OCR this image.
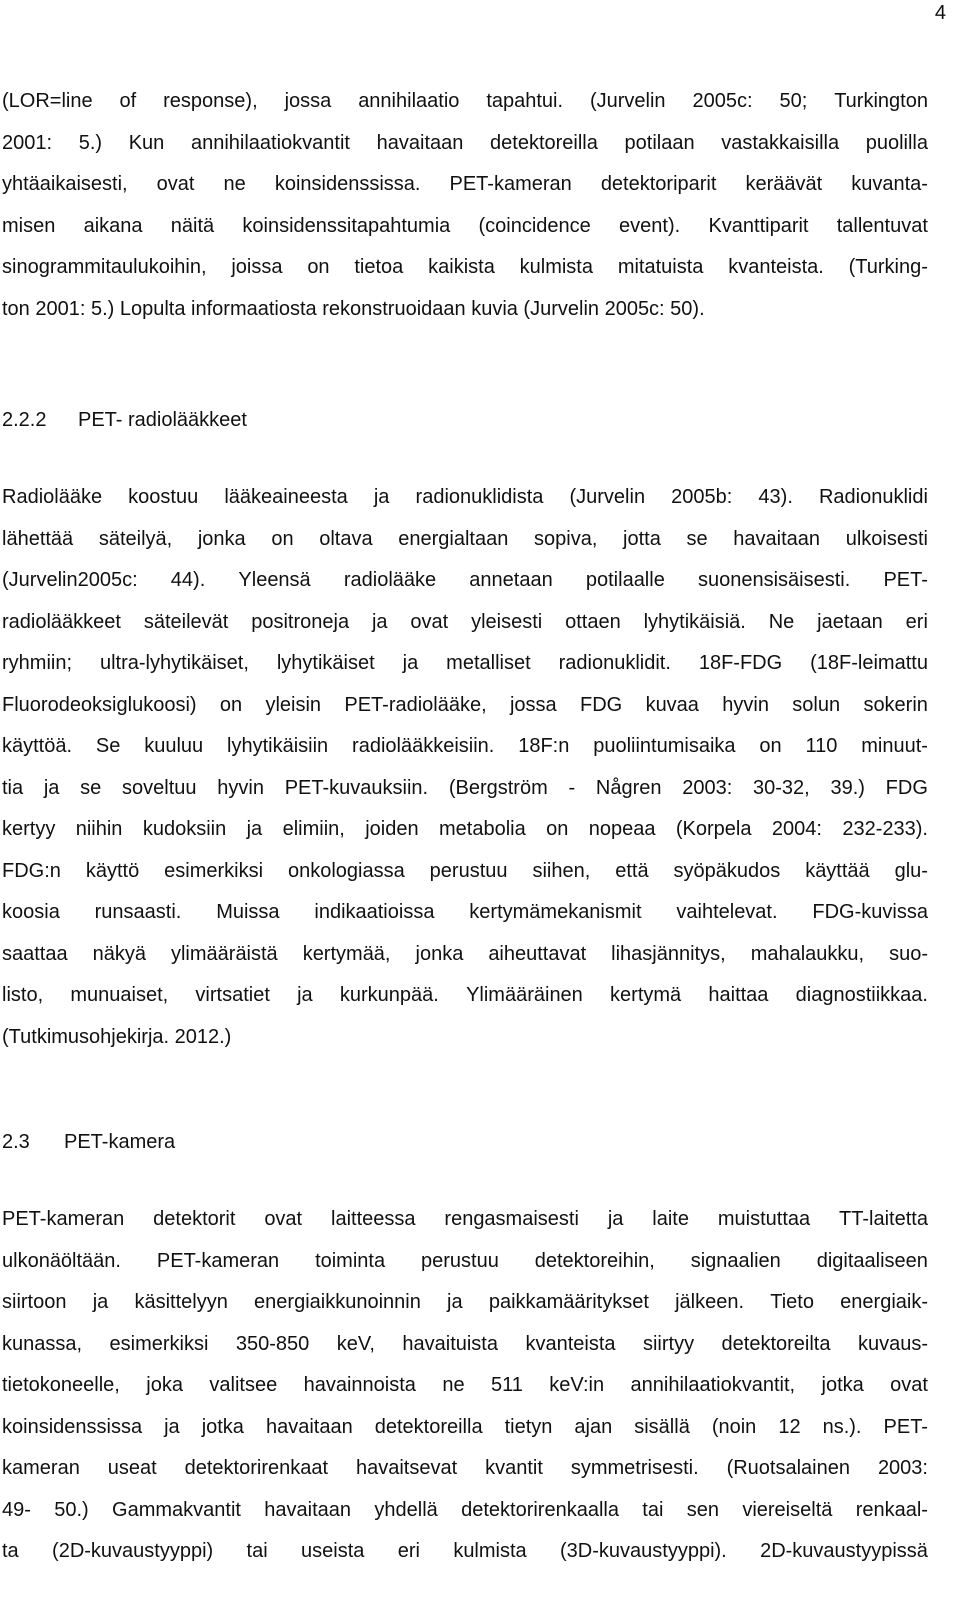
4
(LOR=line of response), jossa annihilaatio tapahtui. (Jurvelin 2005c: 50; Turkington
2001: 5.) Kun annihilaatiokvantit havaitaan detektoreilla potilaan vastakkaisilla puolilla
yhtäaikaisesti, ovat ne koinsidenssissa. PET-kameran detektoriparit keräävät kuvanta-
misen aikana näitä koinsidenssitapahtumia (coincidence event). Kvanttiparit tallentuvat
sinogrammitaulukoihin, joissa on tietoa kaikista kulmista mitatuista kvanteista. (Turking-
ton 2001: 5.) Lopulta informaatiosta rekonstruoidaan kuvia (Jurvelin 2005c: 50).
2.2.2 PET- radiolääkkeet
Radiolääke koostuu lääkeaineesta ja radionuklidista (Jurvelin 2005b: 43). Radionuklidi
lähettää säteilyä, jonka on oltava energialtaan sopiva, jotta se havaitaan ulkoisesti
(Jurvelin2005c: 44). Yleensä radiolääke annetaan potilaalle suonensisäisesti. PET-
radiolääkkeet säteilevät positroneja ja ovat yleisesti ottaen lyhytikäisiä. Ne jaetaan eri
ryhmiin; ultra-lyhytikäiset, lyhytikäiset ja metalliset radionuklidit. 18F-FDG (18F-leimattu
Fluorodeoksiglukoosi) on yleisin PET-radiolääke, jossa FDG kuvaa hyvin solun sokerin
käyttöä. Se kuuluu lyhytikäisiin radiolääkkeisiin. 18F:n puoliintumisaika on 110 minuut-
tia ja se soveltuu hyvin PET-kuvauksiin. (Bergström - Någren 2003: 30-32, 39.) FDG
kertyy niihin kudoksiin ja elimiin, joiden metabolia on nopeaa (Korpela 2004: 232-233).
FDG:n käyttö esimerkiksi onkologiassa perustuu siihen, että syöpäkudos käyttää glu-
koosia runsaasti. Muissa indikaatioissa kertymämekanismit vaihtelevat. FDG-kuvissa
saattaa näkyä ylimääräistä kertymää, jonka aiheuttavat lihasjännitys, mahalaukku, suo-
listo, munuaiset, virtsatiet ja kurkunpää. Ylimääräinen kertymä haittaa diagnostiikkaa.
(Tutkimusohjekirja. 2012.)
2.3 PET-kamera
PET-kameran detektorit ovat laitteessa rengasmaisesti ja laite muistuttaa TT-laitetta
ulkonäöltään. PET-kameran toiminta perustuu detektoreihin, signaalien digitaaliseen
siirtoon ja käsittelyyn energiaikkunoinnin ja paikkamääritykset jälkeen. Tieto energiaik-
kunassa, esimerkiksi 350-850 keV, havaituista kvanteista siirtyy detektoreilta kuvaus-
tietokoneelle, joka valitsee havainnoista ne 511 keV:in annihilaatiokvantit, jotka ovat
koinsidenssissa ja jotka havaitaan detektoreilla tietyn ajan sisällä (noin 12 ns.). PET-
kameran useat detektorirenkaat havaitsevat kvantit symmetrisesti. (Ruotsalainen 2003:
49- 50.) Gammakvantit havaitaan yhdellä detektorirenkaalla tai sen viereiseltä renkaal-
ta (2D-kuvaustyyppi) tai useista eri kulmista (3D-kuvaustyyppi). 2D-kuvaustyypissä
